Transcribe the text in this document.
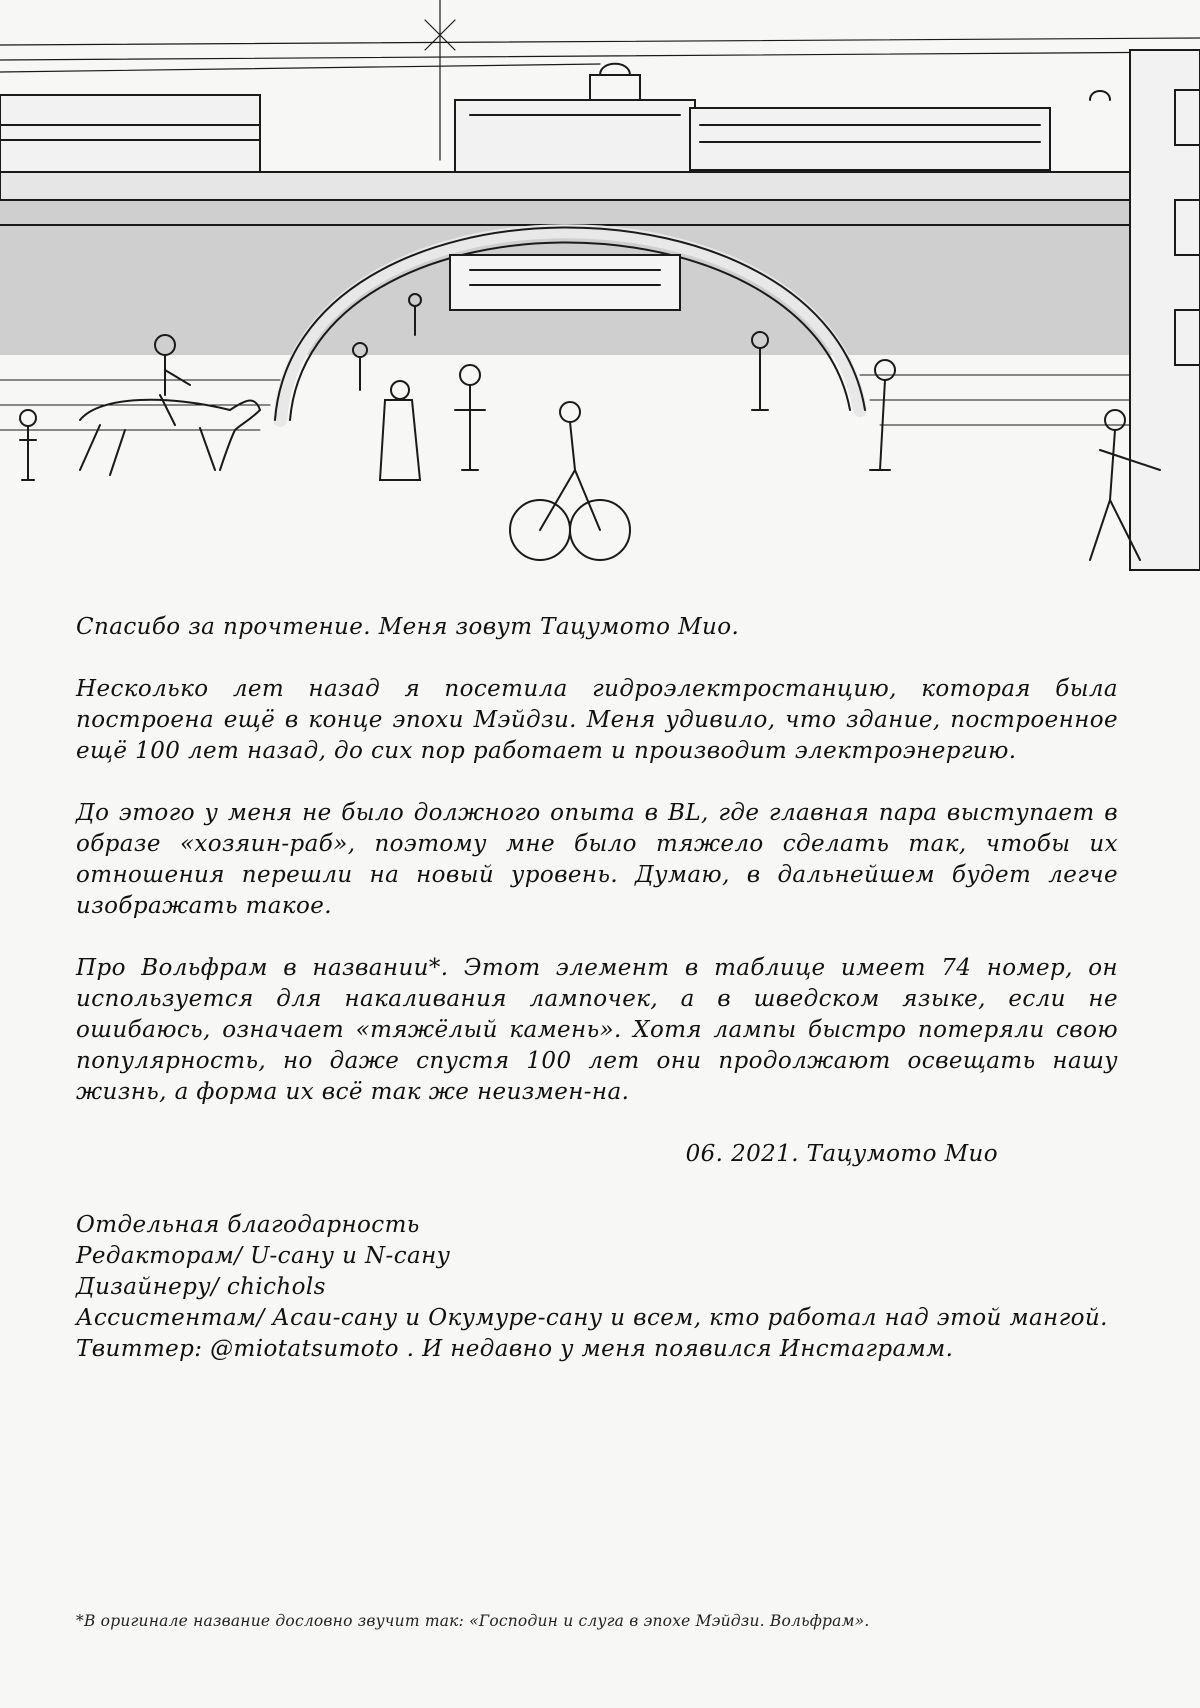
Спасибо за прочтение. Меня зовут Тацумото Мио.

Несколько лет назад я посетила гидроэлектростанцию, которая была построена ещё в конце эпохи Мэйдзи. Меня удивило, что здание, построенное ещё 100 лет назад, до сих пор работает и производит электроэнергию.

До этого у меня не было должного опыта в BL, где главная пара выступает в образе «хозяин-раб», поэтому мне было тяжело сделать так, чтобы их отношения перешли на новый уровень. Думаю, в дальнейшем будет легче изображать такое.

Про Вольфрам в названии*. Этот элемент в таблице имеет 74 номер, он используется для накаливания лампочек, а в шведском языке, если не ошибаюсь, означает «тяжёлый камень». Хотя лампы быстро потеряли свою популярность, но даже спустя 100 лет они продолжают освещать нашу жизнь, а форма их всё так же неизмен-на.

06. 2021. Тацумото Мио

Отдельная благодарность

Редакторам/ U-сану и N-сану

Дизайнеру/ chichols

Ассистентам/ Асаи-сану и Окумуре-сану и всем, кто работал над этой мангой.

Твиттер: @miotatsumoto . И недавно у меня появился Инстаграмм.

*В оригинале название дословно звучит так: «Господин и слуга в эпохе Мэйдзи. Вольфрам».
